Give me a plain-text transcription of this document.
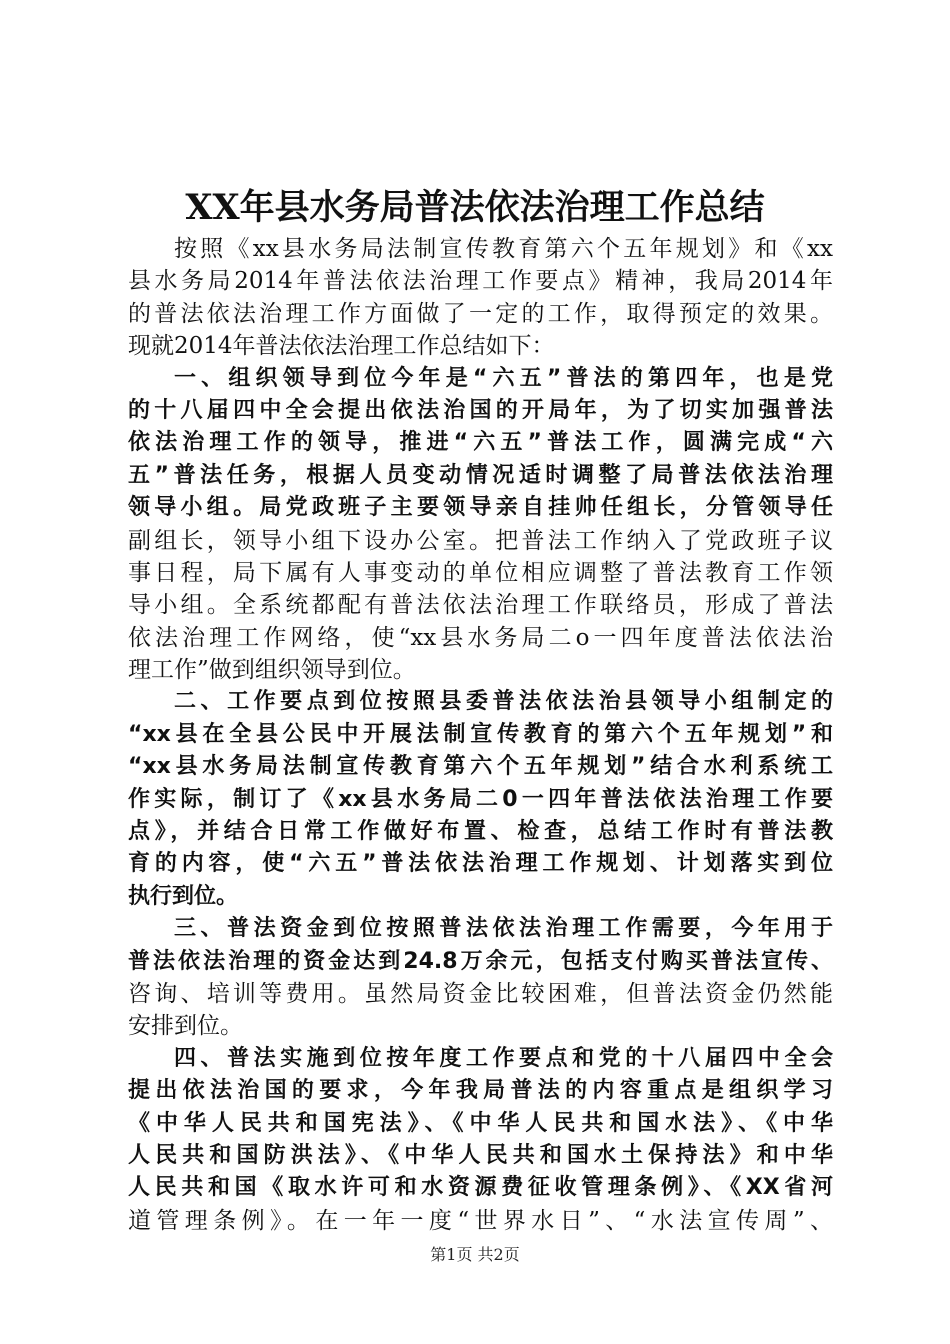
XX年县水务局普法依法治理工作总结
按照《xx县水务局法制宣传教育第六个五年规划》和《xx
县水务局2014年普法依法治理工作要点》精神，我局2014年
的普法依法治理工作方面做了一定的工作，取得预定的效果。
现就2014年普法依法治理工作总结如下：
一、组织领导到位今年是“六五”普法的第四年，也是党
的十八届四中全会提出依法治国的开局年，为了切实加强普法
依法治理工作的领导，推进“六五”普法工作，圆满完成“六
五”普法任务，根据人员变动情况适时调整了局普法依法治理
领导小组。局党政班子主要领导亲自挂帅任组长，分管领导任
副组长，领导小组下设办公室。把普法工作纳入了党政班子议
事日程，局下属有人事变动的单位相应调整了普法教育工作领
导小组。全系统都配有普法依法治理工作联络员，形成了普法
依法治理工作网络，使“xx县水务局二o一四年度普法依法治
理工作”做到组织领导到位。
二、工作要点到位按照县委普法依法治县领导小组制定的
“xx县在全县公民中开展法制宣传教育的第六个五年规划”和
“xx县水务局法制宣传教育第六个五年规划”结合水利系统工
作实际，制订了《xx县水务局二0一四年普法依法治理工作要
点》，并结合日常工作做好布置、检查，总结工作时有普法教
育的内容，使“六五”普法依法治理工作规划、计划落实到位
执行到位。
三、普法资金到位按照普法依法治理工作需要，今年用于
普法依法治理的资金达到24.8万余元，包括支付购买普法宣传、
咨询、培训等费用。虽然局资金比较困难，但普法资金仍然能
安排到位。
四、普法实施到位按年度工作要点和党的十八届四中全会
提出依法治国的要求，今年我局普法的内容重点是组织学习
《中华人民共和国宪法》、《中华人民共和国水法》、《中华
人民共和国防洪法》、《中华人民共和国水土保持法》和中华
人民共和国《取水许可和水资源费征收管理条例》、《XX省河
道管理条例》。在一年一度“世界水日”、“水法宣传周”、
第1页 共2页
